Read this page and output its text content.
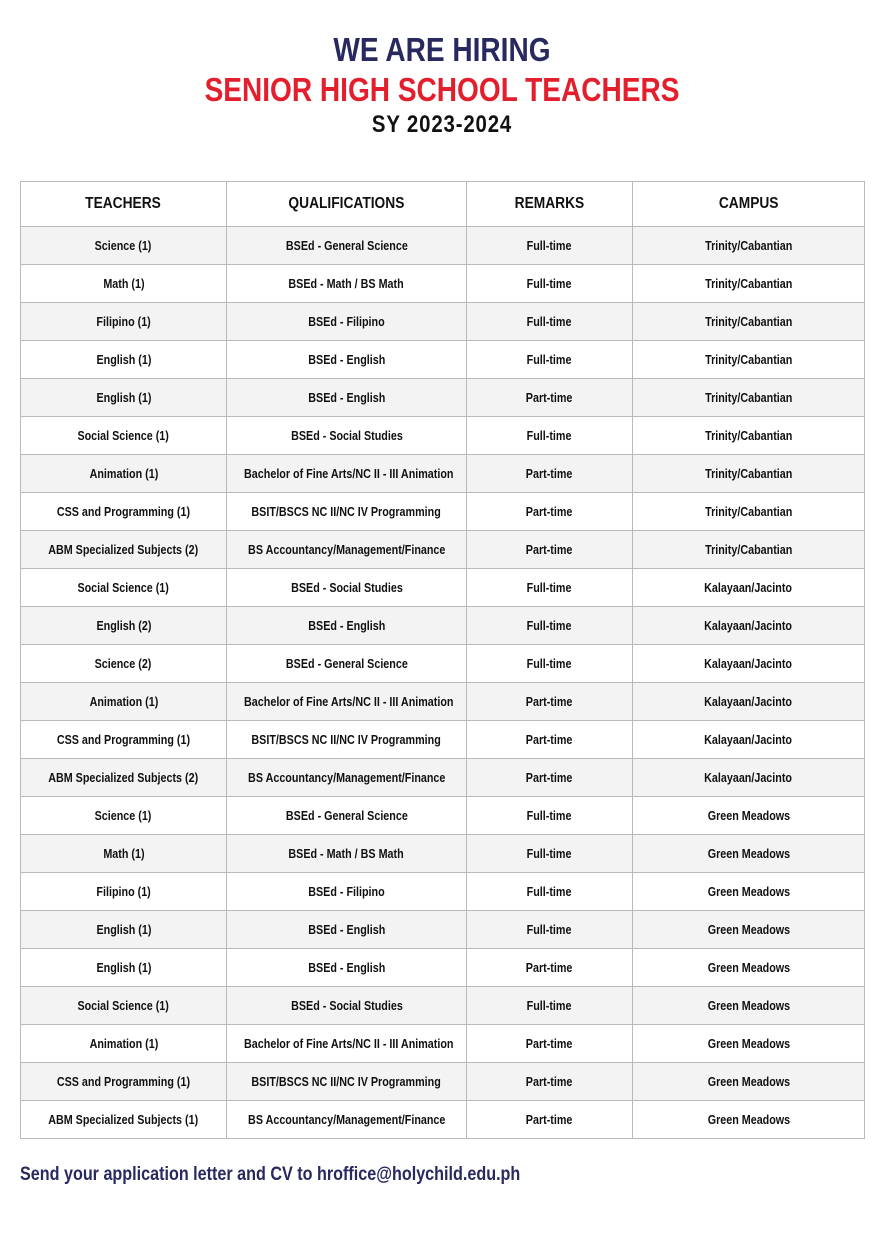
WE ARE HIRING
SENIOR HIGH SCHOOL TEACHERS
SY 2023-2024
TEACHERS	QUALIFICATIONS	REMARKS	CAMPUS
Science (1)	BSEd - General Science	Full-time	Trinity/Cabantian
Math (1)	BSEd - Math / BS Math	Full-time	Trinity/Cabantian
Filipino (1)	BSEd - Filipino	Full-time	Trinity/Cabantian
English (1)	BSEd - English	Full-time	Trinity/Cabantian
English (1)	BSEd - English	Part-time	Trinity/Cabantian
Social Science (1)	BSEd - Social Studies	Full-time	Trinity/Cabantian
Animation (1)	Bachelor of Fine Arts/NC II - III Animation	Part-time	Trinity/Cabantian
CSS and Programming (1)	BSIT/BSCS NC II/NC IV Programming	Part-time	Trinity/Cabantian
ABM Specialized Subjects (2)	BS Accountancy/Management/Finance	Part-time	Trinity/Cabantian
Social Science (1)	BSEd - Social Studies	Full-time	Kalayaan/Jacinto
English (2)	BSEd - English	Full-time	Kalayaan/Jacinto
Science (2)	BSEd - General Science	Full-time	Kalayaan/Jacinto
Animation (1)	Bachelor of Fine Arts/NC II - III Animation	Part-time	Kalayaan/Jacinto
CSS and Programming (1)	BSIT/BSCS NC II/NC IV Programming	Part-time	Kalayaan/Jacinto
ABM Specialized Subjects (2)	BS Accountancy/Management/Finance	Part-time	Kalayaan/Jacinto
Science (1)	BSEd - General Science	Full-time	Green Meadows
Math (1)	BSEd - Math / BS Math	Full-time	Green Meadows
Filipino (1)	BSEd - Filipino	Full-time	Green Meadows
English (1)	BSEd - English	Full-time	Green Meadows
English (1)	BSEd - English	Part-time	Green Meadows
Social Science (1)	BSEd - Social Studies	Full-time	Green Meadows
Animation (1)	Bachelor of Fine Arts/NC II - III Animation	Part-time	Green Meadows
CSS and Programming (1)	BSIT/BSCS NC II/NC IV Programming	Part-time	Green Meadows
ABM Specialized Subjects (1)	BS Accountancy/Management/Finance	Part-time	Green Meadows
Send your application letter and CV to hroffice@holychild.edu.ph
